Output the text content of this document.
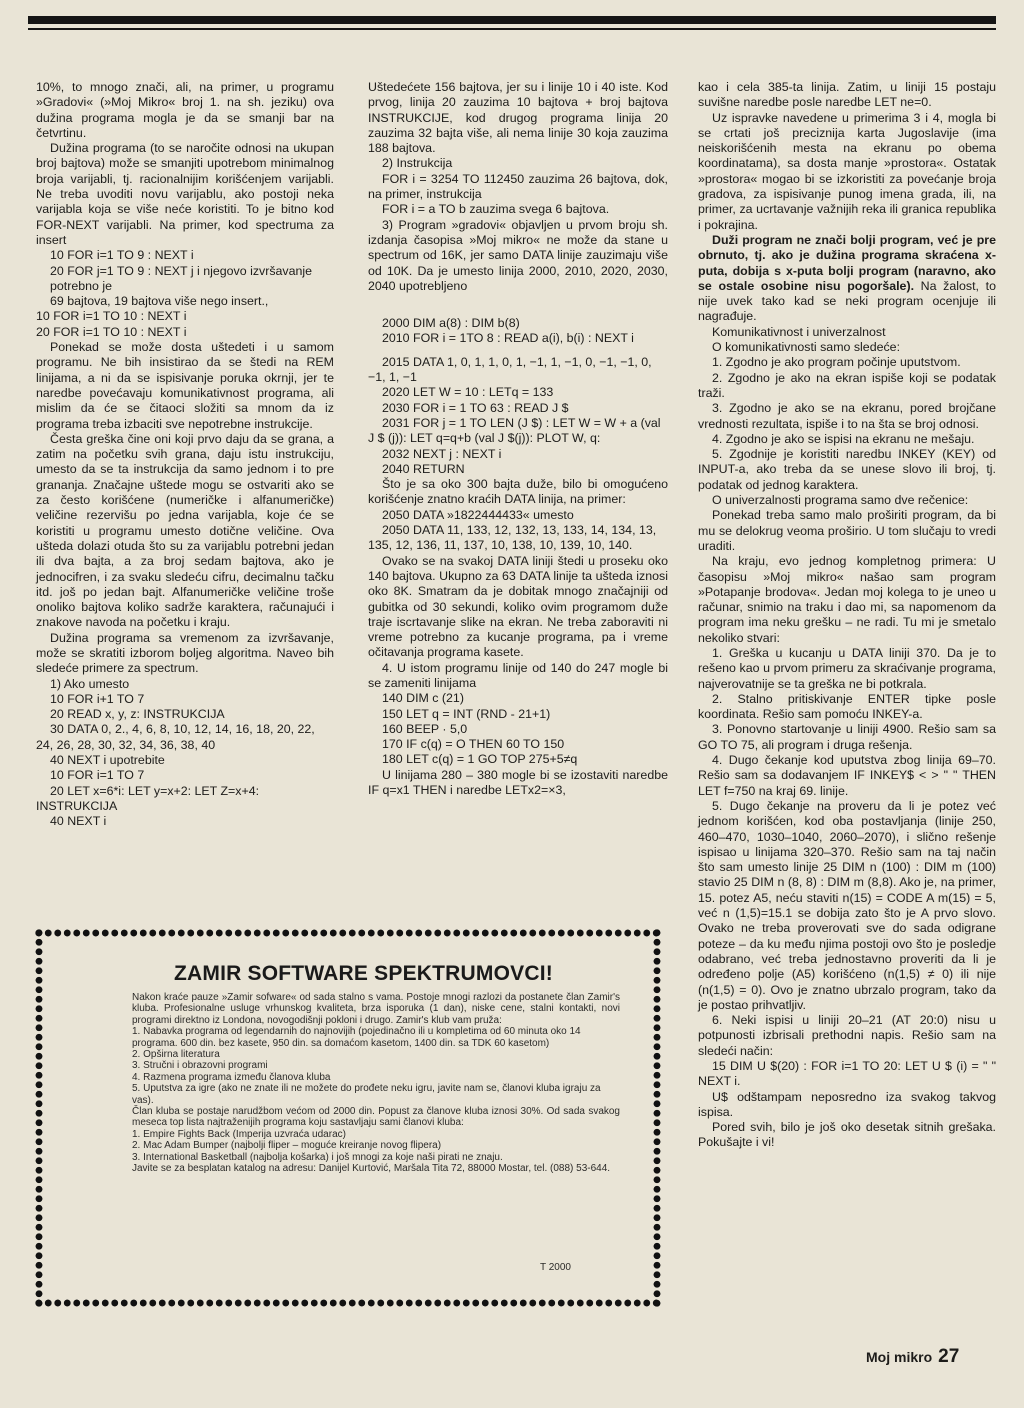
10%, to mnogo znači, ali, na primer, u programu »Gradovi« (»Moj Mikro« broj 1. na sh. jeziku) ova dužina programa mogla je da se smanji bar na četvrtinu.

Dužina programa (to se naročite odnosi na ukupan broj bajtova) može se smanjiti upotrebom minimalnog broja varijabli, tj. racionalnijim korišćenjem varijabli. Ne treba uvoditi novu varijablu, ako postoji neka varijabla koja se više neće koristiti. To je bitno kod FOR-NEXT varijabli. Na primer, kod spectruma za insert

10 FOR i=1 TO 9 : NEXT i

20 FOR j=1 TO 9 : NEXT j i njegovo izvršavanje potrebno je

69 bajtova, 19 bajtova više nego insert.,

10 FOR i=1 TO 10 : NEXT i

20 FOR i=1 TO 10 : NEXT i

Ponekad se može dosta uštedeti i u samom programu. Ne bih insistirao da se štedi na REM linijama, a ni da se ispisivanje poruka okrnji, jer te naredbe povećavaju komunikativnost programa, ali mislim da će se čitaoci složiti sa mnom da iz programa treba izbaciti sve nepotrebne instrukcije.

Česta greška čine oni koji prvo daju da se grana, a zatim na početku svih grana, daju istu instrukciju, umesto da se ta instrukcija da samo jednom i to pre grananja. Značajne uštede mogu se ostvariti ako se za često korišćene (numeričke i alfanumeričke) veličine rezervišu po jedna varijabla, koje će se koristiti u programu umesto dotične veličine. Ova ušteda dolazi otuda što su za varijablu potrebni jedan ili dva bajta, a za broj sedam bajtova, ako je jednocifren, i za svaku sledeću cifru, decimalnu tačku itd. još po jedan bajt. Alfanumeričke veličine troše onoliko bajtova koliko sadrže karaktera, računajući i znakove navoda na početku i kraju.

Dužina programa sa vremenom za izvršavanje, može se skratiti izborom boljeg algoritma. Naveo bih sledeće primere za spectrum.

1) Ako umesto

10 FOR i+1 TO 7

20 READ x, y, z: INSTRUKCIJA

30 DATA 0, 2., 4, 6, 8, 10, 12, 14, 16, 18, 20, 22, 24, 26, 28, 30, 32, 34, 36, 38, 40

40 NEXT i upotrebite

10 FOR i=1 TO 7

20 LET x=6*i: LET y=x+2: LET Z=x+4: INSTRUKCIJA

40 NEXT i

Uštedećete 156 bajtova, jer su i linije 10 i 40 iste. Kod prvog, linija 20 zauzima 10 bajtova + broj bajtova INSTRUKCIJE, kod drugog programa linija 20 zauzima 32 bajta više, ali nema linije 30 koja zauzima 188 bajtova.

2) Instrukcija

FOR i = 3254 TO 112450 zauzima 26 bajtova, dok, na primer, instrukcija

FOR i = a TO b zauzima svega 6 bajtova.

3) Program »gradovi« objavljen u prvom broju sh. izdanja časopisa »Moj mikro« ne može da stane u spectrum od 16K, jer samo DATA linije zauzimaju više od 10K. Da je umesto linija 2000, 2010, 2020, 2030, 2040 upotrebljeno

2000 DIM a(8) : DIM b(8)

2010 FOR i = 1TO 8 : READ a(i), b(i) : NEXT i

2015 DATA 1, 0, 1, 1, 0, 1, −1, 1, −1, 0, −1, −1, 0, −1, 1, −1

2020 LET W = 10 : LETq = 133

2030 FOR i = 1 TO 63 : READ J $

2031 FOR j = 1 TO LEN (J $) : LET W = W + a (val J $ (j)): LET q=q+b (val J $(j)): PLOT W, q:

2032 NEXT j : NEXT i

2040 RETURN

Što je sa oko 300 bajta duže, bilo bi omogućeno korišćenje znatno kraćih DATA linija, na primer:

2050 DATA »1822444433« umesto

2050 DATA 11, 133, 12, 132, 13, 133, 14, 134, 13, 135, 12, 136, 11, 137, 10, 138, 10, 139, 10, 140.

Ovako se na svakoj DATA liniji štedi u proseku oko 140 bajtova. Ukupno za 63 DATA linije ta ušteda iznosi oko 8K. Smatram da je dobitak mnogo značajniji od gubitka od 30 sekundi, koliko ovim programom duže traje iscrtavanje slike na ekran. Ne treba zaboraviti ni vreme potrebno za kucanje programa, pa i vreme očitavanja programa kasete.

4. U istom programu linije od 140 do 247 mogle bi se zameniti linijama

140 DIM c (21)

150 LET q = INT (RND - 21+1)

160 BEEP · 5,0

170 IF c(q) = O THEN 60 TO 150

180 LET c(q) = 1 GO TOP 275+5≠q

U linijama 280 – 380 mogle bi se izostaviti naredbe IF q=x1 THEN i naredbe LETx2=×3,

kao i cela 385-ta linija. Zatim, u liniji 15 postaju suvišne naredbe posle naredbe LET ne=0.

Uz ispravke navedene u primerima 3 i 4, mogla bi se crtati još preciznija karta Jugoslavije (ima neiskorišćenih mesta na ekranu po obema koordinatama), sa dosta manje »prostora«. Ostatak »prostora« mogao bi se izkoristiti za povećanje broja gradova, za ispisivanje punog imena grada, ili, na primer, za ucrtavanje važnijih reka ili granica republika i pokrajina.

Duži program ne znači bolji program, već je pre obrnuto, tj. ako je dužina programa skraćena x-puta, dobija s x-puta bolji program (naravno, ako se ostale osobine nisu pogoršale). Na žalost, to nije uvek tako kad se neki program ocenjuje ili nagrađuje.

Komunikativnost i univerzalnost

O komunikativnosti samo sledeće:

1. Zgodno je ako program počinje uputstvom.

2. Zgodno je ako na ekran ispiše koji se podatak traži.

3. Zgodno je ako se na ekranu, pored brojčane vrednosti rezultata, ispiše i to na šta se broj odnosi.

4. Zgodno je ako se ispisi na ekranu ne mešaju.

5. Zgodnije je koristiti naredbu INKEY (KEY) od INPUT-a, ako treba da se unese slovo ili broj, tj. podatak od jednog karaktera.

O univerzalnosti programa samo dve rečenice:

Ponekad treba samo malo proširiti program, da bi mu se delokrug veoma proširio. U tom slučaju to vredi uraditi.

Na kraju, evo jednog kompletnog primera: U časopisu »Moj mikro« našao sam program »Potapanje brodova«. Jedan moj kolega to je uneo u računar, snimio na traku i dao mi, sa napomenom da program ima neku grešku – ne radi. Tu mi je smetalo nekoliko stvari:

1. Greška u kucanju u DATA liniji 370. Da je to rešeno kao u prvom primeru za skraćivanje programa, najverovatnije se ta greška ne bi potkrala.

2. Stalno pritiskivanje ENTER tipke posle koordinata. Rešio sam pomoću INKEY-a.

3. Ponovno startovanje u liniji 4900. Rešio sam sa GO TO 75, ali program i druga rešenja.

4. Dugo čekanje kod uputstva zbog linija 69–70. Rešio sam sa dodavanjem IF INKEY$ < > " " THEN LET f=750 na kraj 69. linije.

5. Dugo čekanje na proveru da li je potez već jednom korišćen, kod oba postavljanja (linije 250, 460–470, 1030–1040, 2060–2070), i slično rešenje ispisao u linijama 320–370. Rešio sam na taj način što sam umesto linije 25 DIM n (100) : DIM m (100) stavio 25 DIM n (8, 8) : DIM m (8,8). Ako je, na primer, 15. potez A5, neću staviti n(15) = CODE A m(15) = 5, već n (1,5)=15.1 se dobija zato što je A prvo slovo. Ovako ne treba proverovati sve do sada odigrane poteze – da ku među njima postoji ovo što je posledje odabrano, već treba jednostavno proveriti da li je određeno polje (A5) korišćeno (n(1,5) ≠ 0) ili nije (n(1,5) = 0). Ovo je znatno ubrzalo program, tako da je postao prihvatljiv.

6. Neki ispisi u liniji 20–21 (AT 20:0) nisu u potpunosti izbrisali prethodni napis. Rešio sam na sledeći način:

15 DIM U $(20) : FOR i=1 TO 20: LET U $ (i) = " " NEXT i.

U$ odštampam neposredno iza svakog takvog ispisa.

Pored svih, bilo je još oko desetak sitnih grešaka. Pokušajte i vi!

ZAMIR SOFTWARE SPEKTRUMOVCI!

Nakon kraće pauze »Zamir sofware« od sada stalno s vama. Postoje mnogi razlozi da postanete član Zamir's kluba. Profesionalne usluge vrhunskog kvaliteta, brza isporuka (1 dan), niske cene, stalni kontakti, novi programi direktno iz Londona, novogodišnji pokloni i drugo. Zamir's klub vam pruža:

1. Nabavka programa od legendarnih do najnovijih (pojedinačno ili u kompletima od 60 minuta oko 14 programa. 600 din. bez kasete, 950 din. sa domaćom kasetom, 1400 din. sa TDK 60 kasetom)

2. Opširna literatura

3. Stručni i obrazovni programi

4. Razmena programa između članova kluba

5. Uputstva za igre (ako ne znate ili ne možete do prođete neku igru, javite nam se, članovi kluba igraju za vas).

Član kluba se postaje narudžbom većom od 2000 din. Popust za članove kluba iznosi 30%. Od sada svakog meseca top lista najtraženijih programa koju sastavljaju sami članovi kluba:

1. Empire Fights Back (Imperija uzvraća udarac)

2. Mac Adam Bumper (najbolji fliper – moguće kreiranje novog flipera)

3. International Basketball (najbolja košarka) i još mnogi za koje naši pirati ne znaju.

Javite se za besplatan katalog na adresu: Danijel Kurtović, Maršala Tita 72, 88000 Mostar, tel. (088) 53-644.

T 2000
Moj mikro 27
